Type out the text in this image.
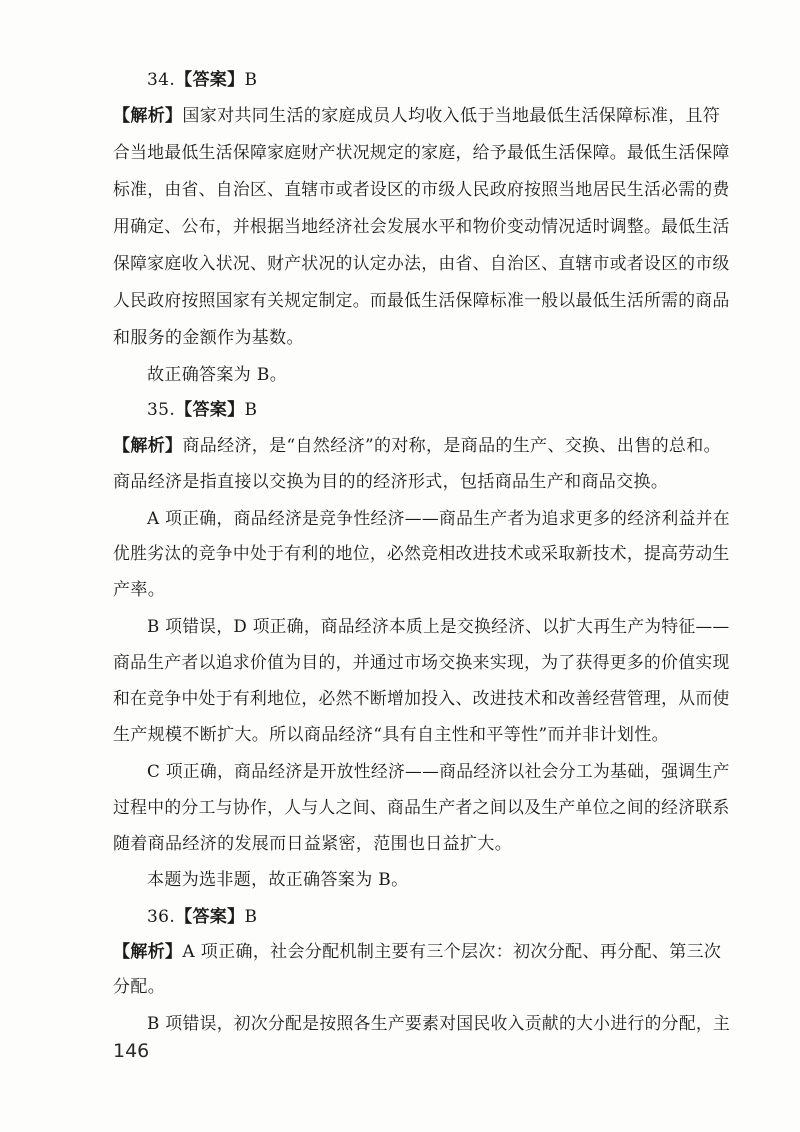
34.【答案】B
【解析】国家对共同生活的家庭成员人均收入低于当地最低生活保障标准，且符
合当地最低生活保障家庭财产状况规定的家庭，给予最低生活保障。最低生活保障
标准，由省、自治区、直辖市或者设区的市级人民政府按照当地居民生活必需的费
用确定、公布，并根据当地经济社会发展水平和物价变动情况适时调整。最低生活
保障家庭收入状况、财产状况的认定办法，由省、自治区、直辖市或者设区的市级
人民政府按照国家有关规定制定。而最低生活保障标准一般以最低生活所需的商品
和服务的金额作为基数。
故正确答案为 B。
35.【答案】B
【解析】商品经济，是“自然经济”的对称，是商品的生产、交换、出售的总和。
商品经济是指直接以交换为目的的经济形式，包括商品生产和商品交换。
A 项正确，商品经济是竞争性经济——商品生产者为追求更多的经济利益并在
优胜劣汰的竞争中处于有利的地位，必然竞相改进技术或采取新技术，提高劳动生
产率。
B 项错误，D 项正确，商品经济本质上是交换经济、以扩大再生产为特征——
商品生产者以追求价值为目的，并通过市场交换来实现，为了获得更多的价值实现
和在竞争中处于有利地位，必然不断增加投入、改进技术和改善经营管理，从而使
生产规模不断扩大。所以商品经济“具有自主性和平等性”而并非计划性。
C 项正确，商品经济是开放性经济——商品经济以社会分工为基础，强调生产
过程中的分工与协作，人与人之间、商品生产者之间以及生产单位之间的经济联系
随着商品经济的发展而日益紧密，范围也日益扩大。
本题为选非题，故正确答案为 B。
36.【答案】B
【解析】A 项正确，社会分配机制主要有三个层次：初次分配、再分配、第三次
分配。
B 项错误，初次分配是按照各生产要素对国民收入贡献的大小进行的分配，主
146
